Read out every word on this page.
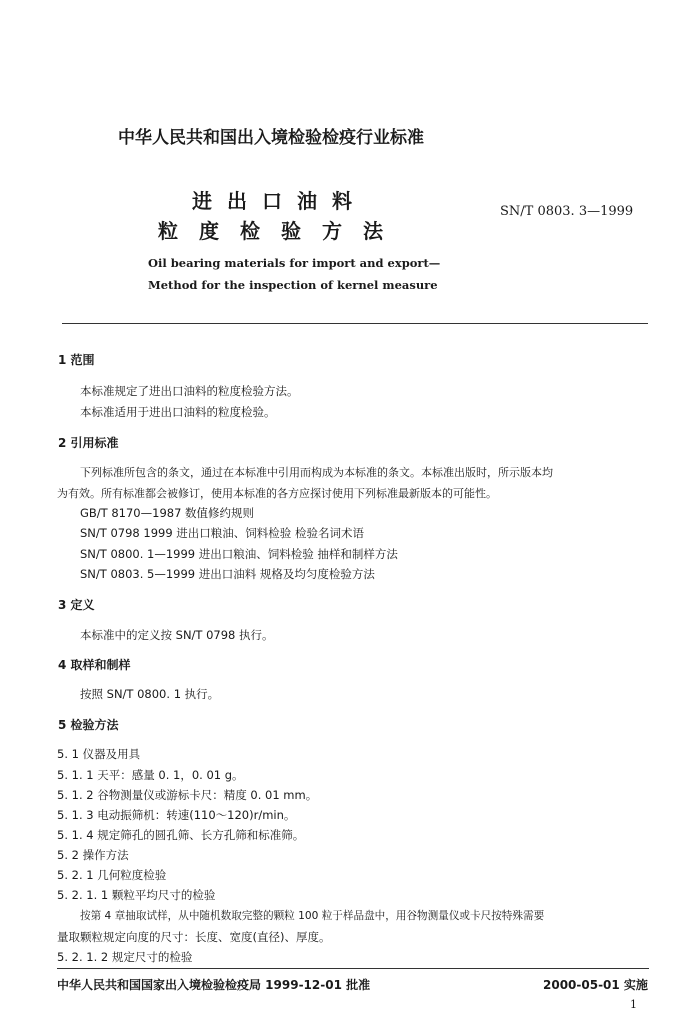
中华人民共和国出入境检验检疫行业标准
进出口油料
粒度检验方法
SN/T 0803. 3—1999
Oil bearing materials for import and export—
Method for the inspection of kernel measure
1 范围
本标准规定了进出口油料的粒度检验方法。
本标准适用于进出口油料的粒度检验。
2 引用标准
下列标准所包含的条文，通过在本标准中引用而构成为本标准的条文。本标准出版时，所示版本均
为有效。所有标准都会被修订，使用本标准的各方应探讨使用下列标准最新版本的可能性。
GB/T 8170—1987 数值修约规则
SN/T 0798 1999 进出口粮油、饲料检验 检验名词术语
SN/T 0800. 1—1999 进出口粮油、饲料检验 抽样和制样方法
SN/T 0803. 5—1999 进出口油料 规格及均匀度检验方法
3 定义
本标准中的定义按 SN/T 0798 执行。
4 取样和制样
按照 SN/T 0800. 1 执行。
5 检验方法
5. 1 仪器及用具
5. 1. 1 天平：感量 0. 1，0. 01 g。
5. 1. 2 谷物测量仪或游标卡尺：精度 0. 01 mm。
5. 1. 3 电动振筛机：转速(110～120)r/min。
5. 1. 4 规定筛孔的圆孔筛、长方孔筛和标准筛。
5. 2 操作方法
5. 2. 1 几何粒度检验
5. 2. 1. 1 颗粒平均尺寸的检验
按第 4 章抽取试样，从中随机数取完整的颗粒 100 粒于样品盘中，用谷物测量仪或卡尺按特殊需要
量取颗粒规定向度的尺寸：长度、宽度(直径)、厚度。
5. 2. 1. 2 规定尺寸的检验
中华人民共和国国家出入境检验检疫局 1999-12-01 批准	2000-05-01 实施
1
